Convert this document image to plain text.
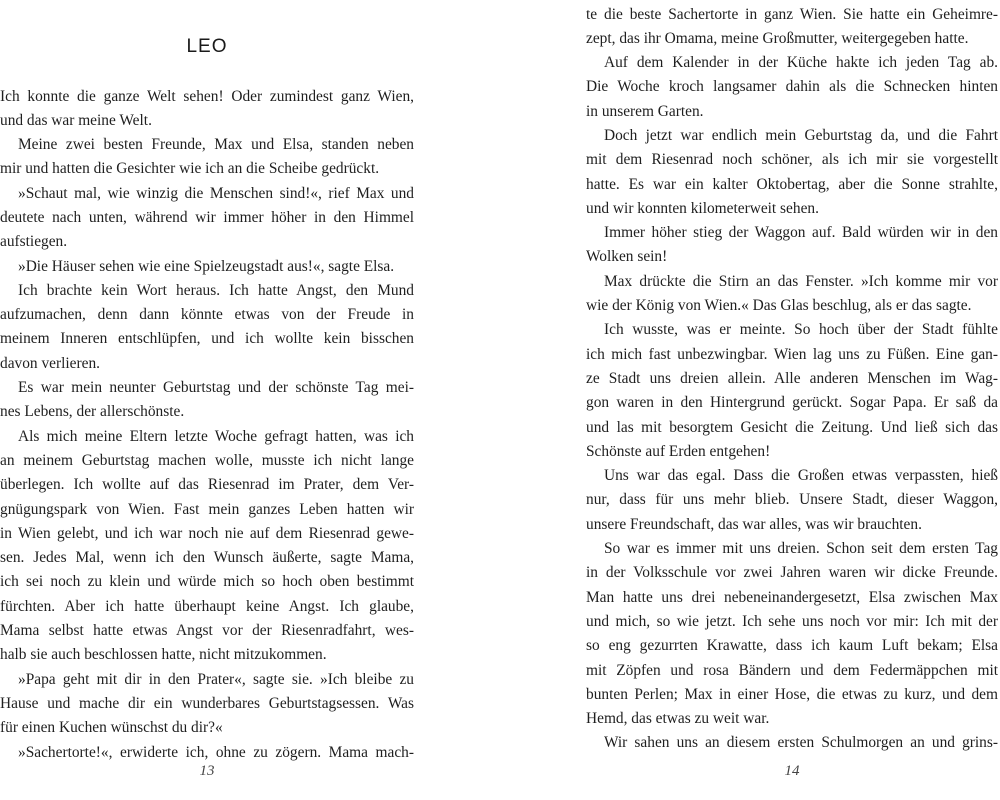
LEO
Ich konnte die ganze Welt sehen! Oder zumindest ganz Wien,
und das war meine Welt.
Meine zwei besten Freunde, Max und Elsa, standen neben
mir und hatten die Gesichter wie ich an die Scheibe gedrückt.
»Schaut mal, wie winzig die Menschen sind!«, rief Max und
deutete nach unten, während wir immer höher in den Himmel
aufstiegen.
»Die Häuser sehen wie eine Spielzeugstadt aus!«, sagte Elsa.
Ich brachte kein Wort heraus. Ich hatte Angst, den Mund
aufzumachen, denn dann könnte etwas von der Freude in
meinem Inneren entschlüpfen, und ich wollte kein bisschen
davon verlieren.
Es war mein neunter Geburtstag und der schönste Tag mei-
nes Lebens, der allerschönste.
Als mich meine Eltern letzte Woche gefragt hatten, was ich
an meinem Geburtstag machen wolle, musste ich nicht lange
überlegen. Ich wollte auf das Riesenrad im Prater, dem Ver-
gnügungspark von Wien. Fast mein ganzes Leben hatten wir
in Wien gelebt, und ich war noch nie auf dem Riesenrad gewe-
sen. Jedes Mal, wenn ich den Wunsch äußerte, sagte Mama,
ich sei noch zu klein und würde mich so hoch oben bestimmt
fürchten. Aber ich hatte überhaupt keine Angst. Ich glaube,
Mama selbst hatte etwas Angst vor der Riesenradfahrt, wes-
halb sie auch beschlossen hatte, nicht mitzukommen.
»Papa geht mit dir in den Prater«, sagte sie. »Ich bleibe zu
Hause und mache dir ein wunderbares Geburtstagsessen. Was
für einen Kuchen wünschst du dir?«
»Sachertorte!«, erwiderte ich, ohne zu zögern. Mama mach-
13
te die beste Sachertorte in ganz Wien. Sie hatte ein Geheimre-
zept, das ihr Omama, meine Großmutter, weitergegeben hatte.
Auf dem Kalender in der Küche hakte ich jeden Tag ab.
Die Woche kroch langsamer dahin als die Schnecken hinten
in unserem Garten.
Doch jetzt war endlich mein Geburtstag da, und die Fahrt
mit dem Riesenrad noch schöner, als ich mir sie vorgestellt
hatte. Es war ein kalter Oktobertag, aber die Sonne strahlte,
und wir konnten kilometerweit sehen.
Immer höher stieg der Waggon auf. Bald würden wir in den
Wolken sein!
Max drückte die Stirn an das Fenster. »Ich komme mir vor
wie der König von Wien.« Das Glas beschlug, als er das sagte.
Ich wusste, was er meinte. So hoch über der Stadt fühlte
ich mich fast unbezwingbar. Wien lag uns zu Füßen. Eine gan-
ze Stadt uns dreien allein. Alle anderen Menschen im Wag-
gon waren in den Hintergrund gerückt. Sogar Papa. Er saß da
und las mit besorgtem Gesicht die Zeitung. Und ließ sich das
Schönste auf Erden entgehen!
Uns war das egal. Dass die Großen etwas verpassten, hieß
nur, dass für uns mehr blieb. Unsere Stadt, dieser Waggon,
unsere Freundschaft, das war alles, was wir brauchten.
So war es immer mit uns dreien. Schon seit dem ersten Tag
in der Volksschule vor zwei Jahren waren wir dicke Freunde.
Man hatte uns drei nebeneinandergesetzt, Elsa zwischen Max
und mich, so wie jetzt. Ich sehe uns noch vor mir: Ich mit der
so eng gezurrten Krawatte, dass ich kaum Luft bekam; Elsa
mit Zöpfen und rosa Bändern und dem Federmäppchen mit
bunten Perlen; Max in einer Hose, die etwas zu kurz, und dem
Hemd, das etwas zu weit war.
Wir sahen uns an diesem ersten Schulmorgen an und grins-
14
